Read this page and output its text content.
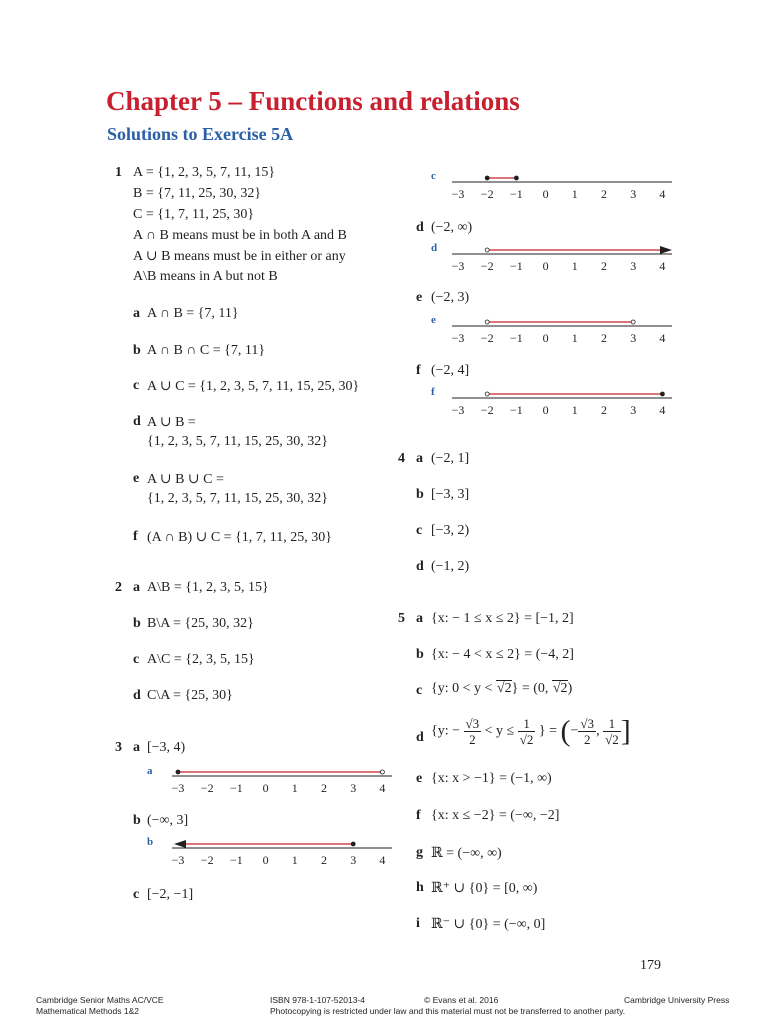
Chapter 5 – Functions and relations
Solutions to Exercise 5A
1 A = {1, 2, 3, 5, 7, 11, 15}
B = {7, 11, 25, 30, 32}
C = {1, 7, 11, 25, 30}
A ∩ B means must be in both A and B
A ∪ B means must be in either or any
A\B means in A but not B
a A ∩ B = {7, 11}
b A ∩ B ∩ C = {7, 11}
c A ∪ C = {1, 2, 3, 5, 7, 11, 15, 25, 30}
d A ∪ B =
{1, 2, 3, 5, 7, 11, 15, 25, 30, 32}
e A ∪ B ∪ C =
{1, 2, 3, 5, 7, 11, 15, 25, 30, 32}
f (A ∩ B) ∪ C = {1, 7, 11, 25, 30}
2 a A\B = {1, 2, 3, 5, 15}
b B\A = {25, 30, 32}
c A\C = {2, 3, 5, 15}
d C\A = {25, 30}
3 a [−3, 4)
a
−3 −2 −1 0 1 2 3 4
b (−∞, 3]
b
−3 −2 −1 0 1 2 3 4
c [−2, −1]
c
−3 −2 −1 0 1 2 3 4
d (−2, ∞)
d
−3 −2 −1 0 1 2 3 4
e (−2, 3)
e
−3 −2 −1 0 1 2 3 4
f (−2, 4]
f
−3 −2 −1 0 1 2 3 4
4 a (−2, 1]
b [−3, 3]
c [−3, 2)
d (−1, 2)
5 a {x: − 1 ≤ x ≤ 2} = [−1, 2]
b {x: − 4 < x ≤ 2} = (−4, 2]
c {y: 0 < y < √2} = (0, √2)
d {y: − $\frac{√3}{2} < y \le \frac{1}{√2}$ } = (− $\frac{√3}{2}$ , $\frac{1}{√2}$ ]
e {x: x > −1} = (−1, ∞)
f {x: x ≤ −2} = (−∞, −2]
g ℝ = (−∞, ∞)
h ℝ⁺ ∪ {0} = [0, ∞)
i ℝ⁻ ∪ {0} = (−∞, 0]
179
Cambridge Senior Maths AC/VCE
Mathematical Methods 1&2
ISBN 978-1-107-52013-4	© Evans et al. 2016
Photocopying is restricted under law and this material must not be transferred to another party.
Cambridge University Press
